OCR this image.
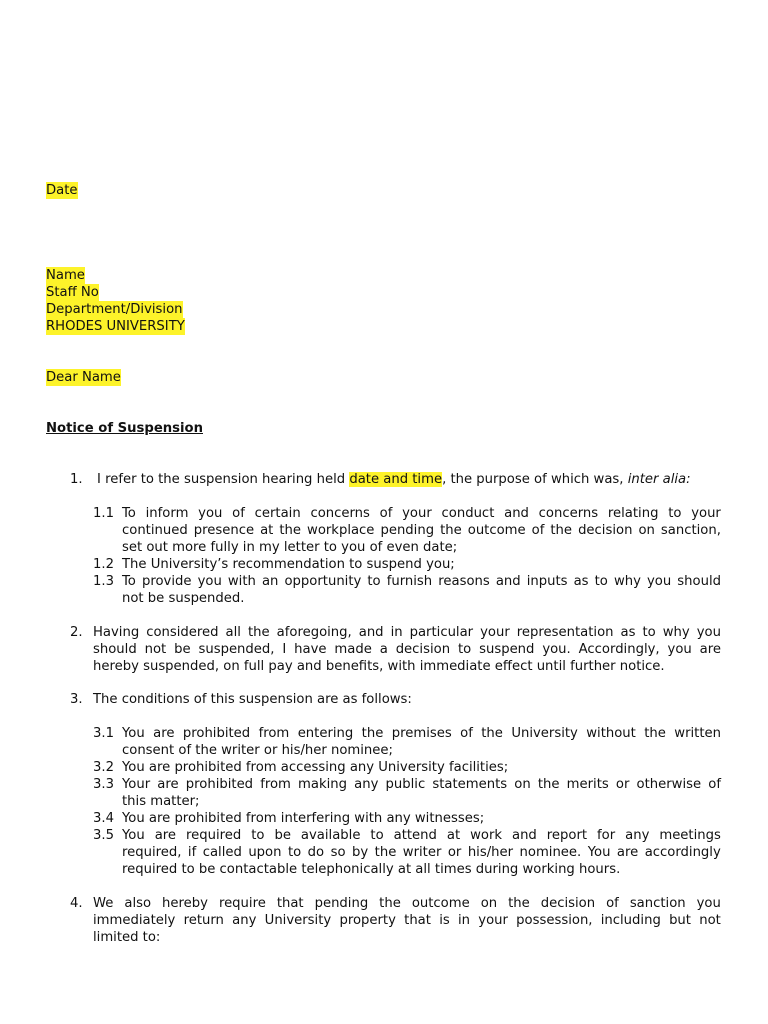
Date
Name
Staff No
Department/Division
RHODES UNIVERSITY
Dear Name
Notice of Suspension
1. I refer to the suspension hearing held date and time, the purpose of which was, inter alia:
1.1 To inform you of certain concerns of your conduct and concerns relating to your
continued presence at the workplace pending the outcome of the decision on sanction,
set out more fully in my letter to you of even date;
1.2 The University’s recommendation to suspend you;
1.3 To provide you with an opportunity to furnish reasons and inputs as to why you should
not be suspended.
2. Having considered all the aforegoing, and in particular your representation as to why you
should not be suspended, I have made a decision to suspend you. Accordingly, you are
hereby suspended, on full pay and benefits, with immediate effect until further notice.
3. The conditions of this suspension are as follows:
3.1 You are prohibited from entering the premises of the University without the written
consent of the writer or his/her nominee;
3.2 You are prohibited from accessing any University facilities;
3.3 Your are prohibited from making any public statements on the merits or otherwise of
this matter;
3.4 You are prohibited from interfering with any witnesses;
3.5 You are required to be available to attend at work and report for any meetings
required, if called upon to do so by the writer or his/her nominee. You are accordingly
required to be contactable telephonically at all times during working hours.
4. We also hereby require that pending the outcome on the decision of sanction you
immediately return any University property that is in your possession, including but not
limited to:
